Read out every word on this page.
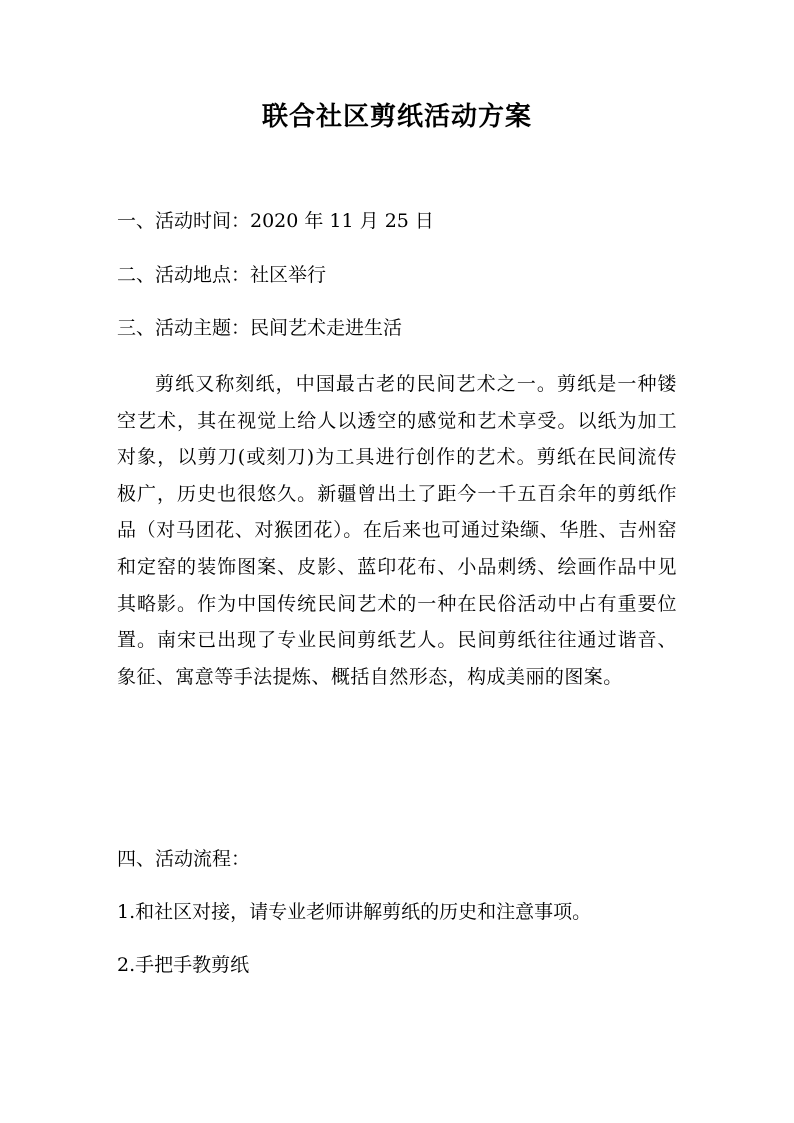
联合社区剪纸活动方案

一、活动时间：2020 年 11 月 25 日

二、活动地点：社区举行

三、活动主题：民间艺术走进生活

剪纸又称刻纸，中国最古老的民间艺术之一。剪纸是一种镂空艺术，其在视觉上给人以透空的感觉和艺术享受。以纸为加工对象，以剪刀(或刻刀)为工具进行创作的艺术。剪纸在民间流传极广，历史也很悠久。新疆曾出土了距今一千五百余年的剪纸作品（对马团花、对猴团花）。在后来也可通过染缬、华胜、吉州窑和定窑的装饰图案、皮影、蓝印花布、小品刺绣、绘画作品中见其略影。作为中国传统民间艺术的一种在民俗活动中占有重要位置。南宋已出现了专业民间剪纸艺人。民间剪纸往往通过谐音、象征、寓意等手法提炼、概括自然形态，构成美丽的图案。

四、活动流程：

1.和社区对接，请专业老师讲解剪纸的历史和注意事项。

2.手把手教剪纸
